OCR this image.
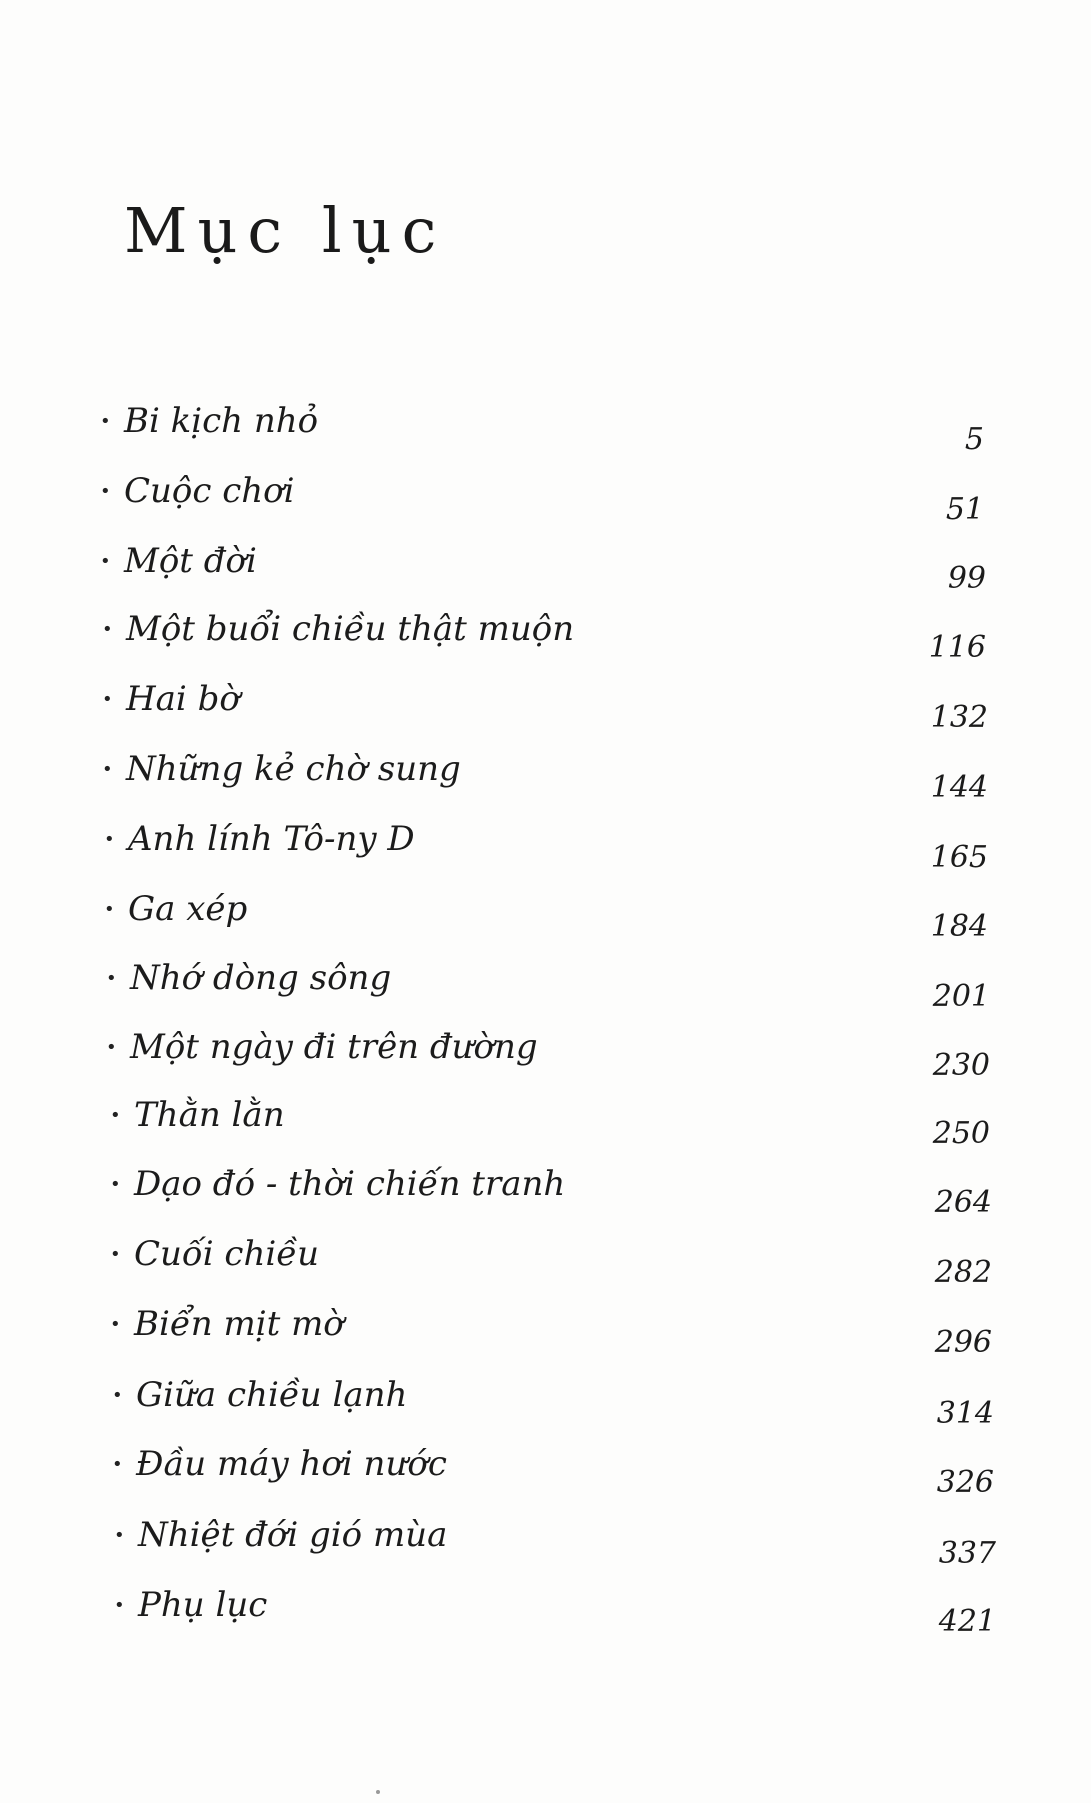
Mục lục
• Bi kịch nhỏ
• Cuộc chơi
• Một đời
• Một buổi chiều thật muộn
• Hai bờ
• Những kẻ chờ sung
• Anh lính Tô-ny D
• Ga xép
• Nhớ dòng sông
• Một ngày đi trên đường
• Thằn lằn
• Dạo đó - thời chiến tranh
• Cuối chiều
• Biển mịt mờ
• Giữa chiều lạnh
• Đầu máy hơi nước
• Nhiệt đới gió mùa
• Phụ lục
5
51
99
116
132
144
165
184
201
230
250
264
282
296
314
326
337
421
